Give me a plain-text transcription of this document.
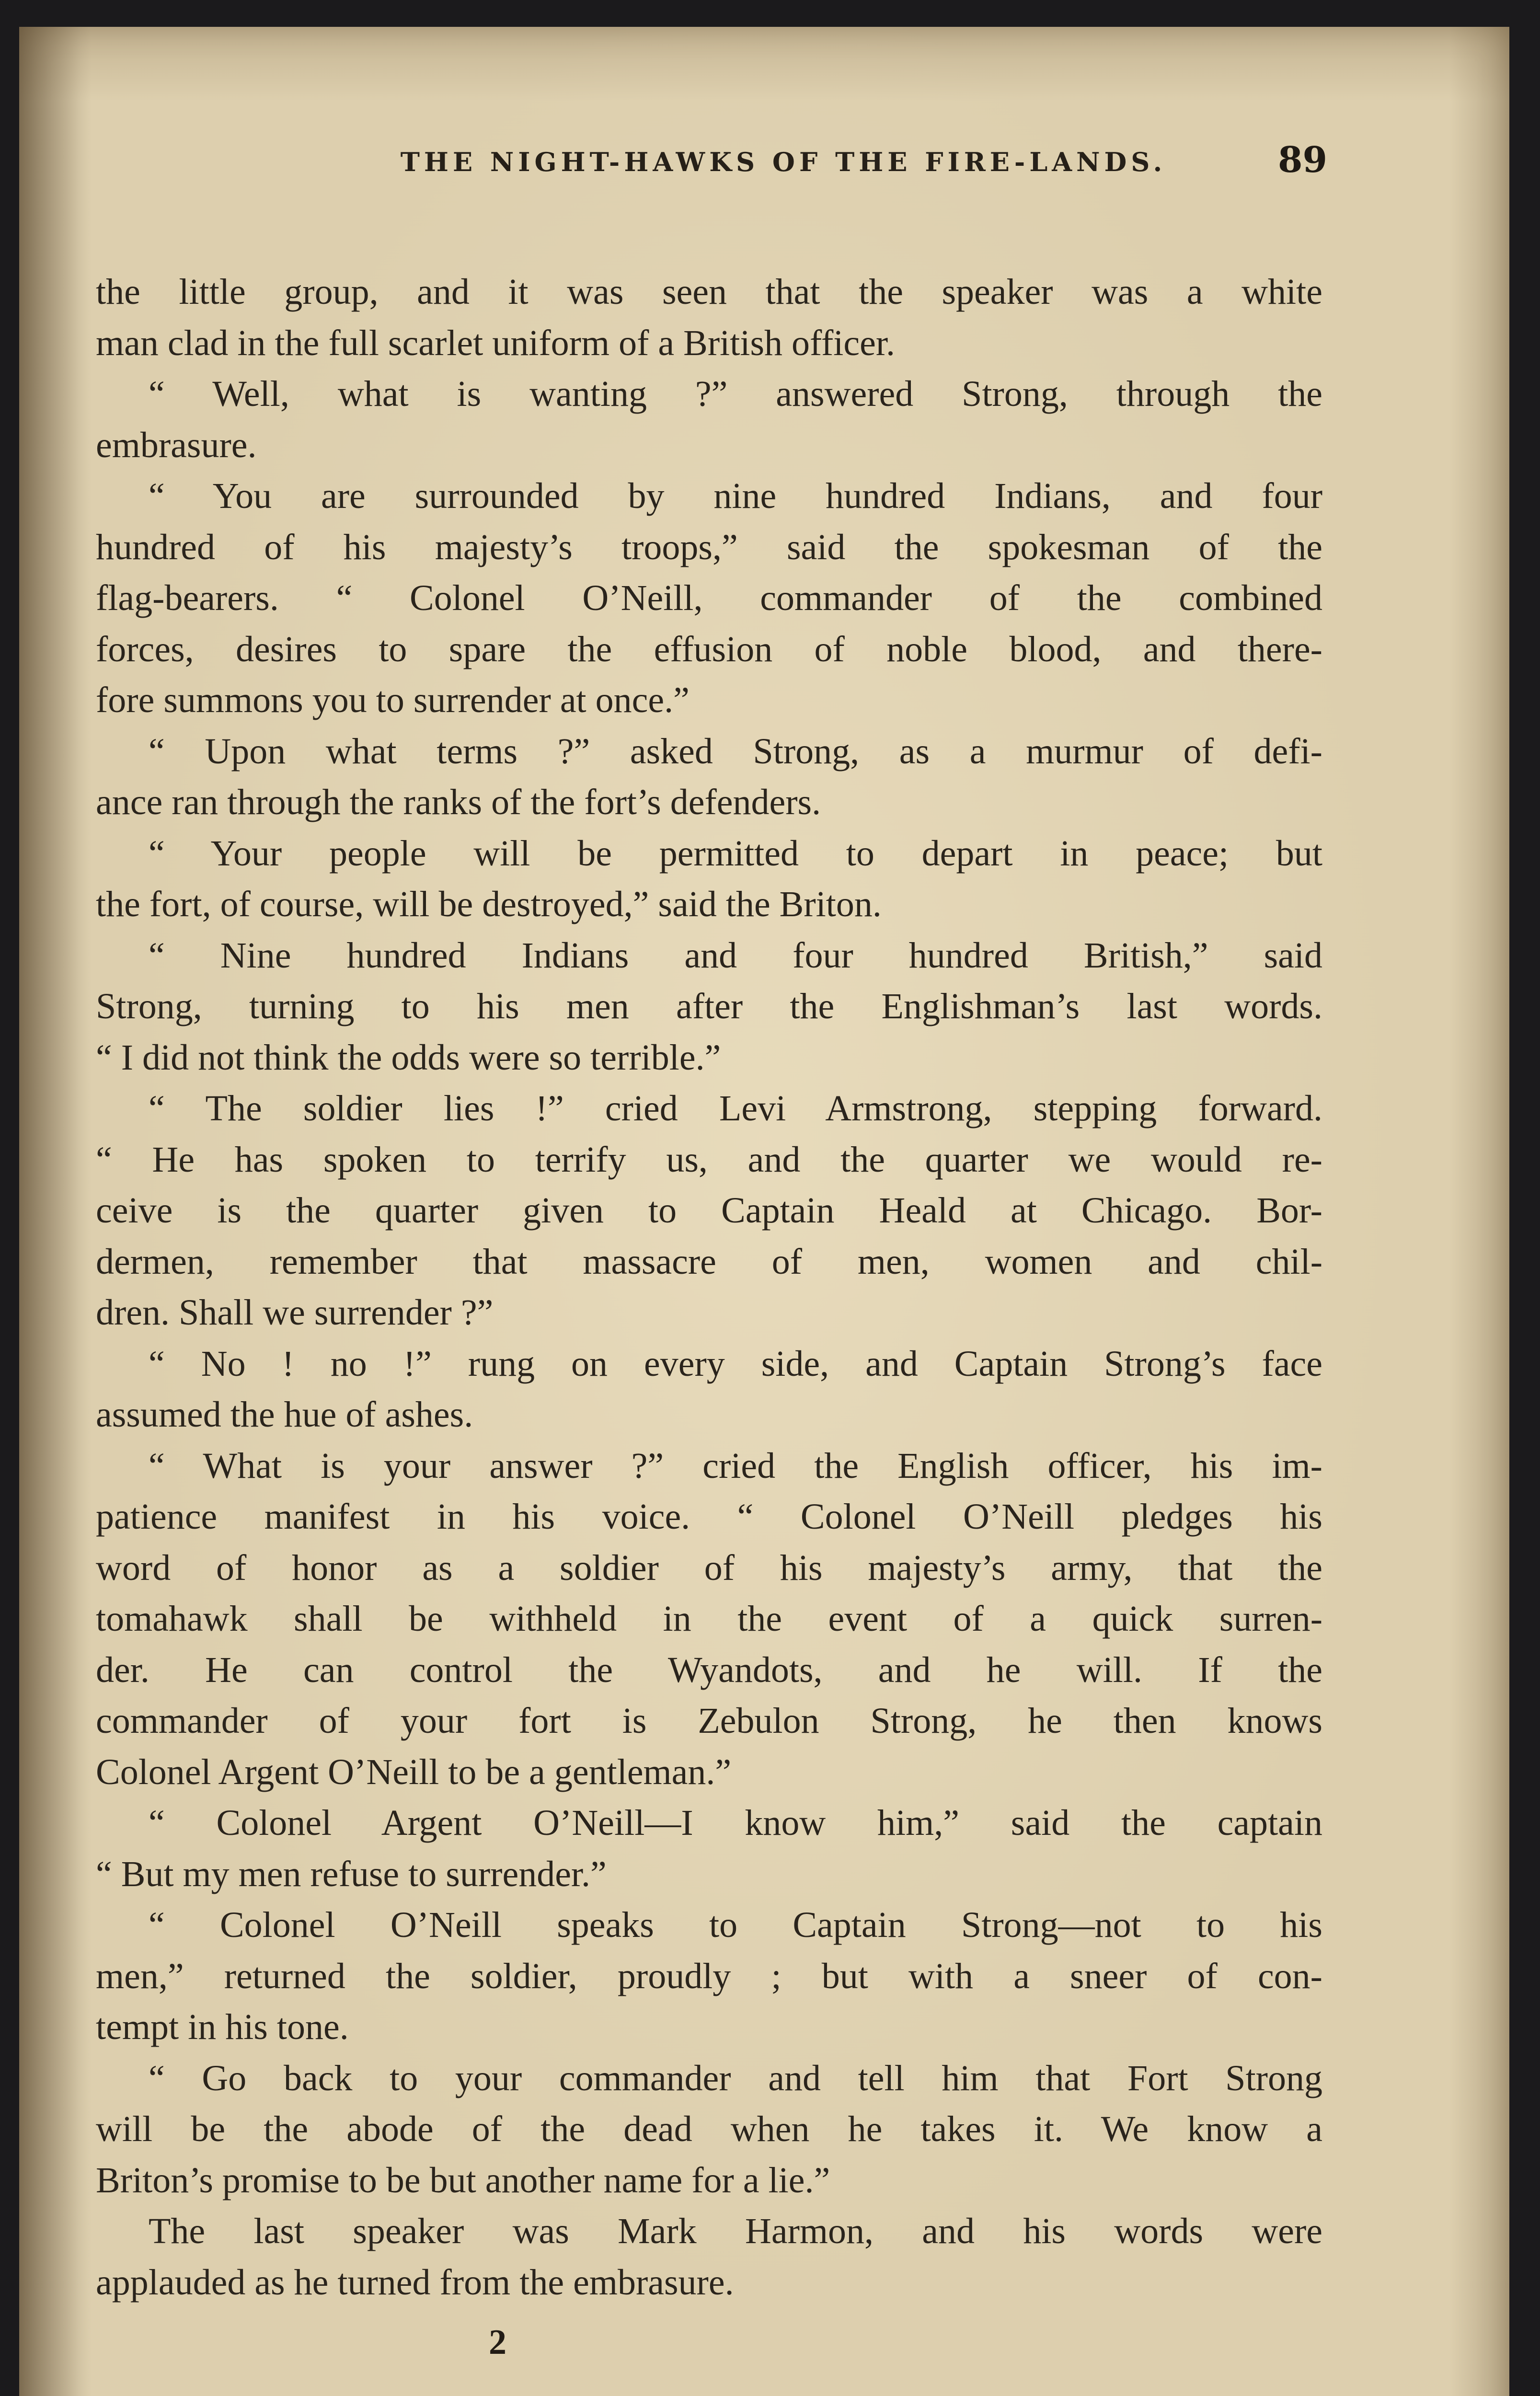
THE NIGHT-HAWKS OF THE FIRE-LANDS.	89
the little group, and it was seen that the speaker was a white
man clad in the full scarlet uniform of a British officer.
“ Well, what is wanting ?” answered Strong, through the
embrasure.
“ You are surrounded by nine hundred Indians, and four
hundred of his majesty’s troops,” said the spokesman of the
flag-bearers. “ Colonel O’Neill, commander of the combined
forces, desires to spare the effusion of noble blood, and there-
fore summons you to surrender at once.”
“ Upon what terms ?” asked Strong, as a murmur of defi-
ance ran through the ranks of the fort’s defenders.
“ Your people will be permitted to depart in peace; but
the fort, of course, will be destroyed,” said the Briton.
“ Nine hundred Indians and four hundred British,” said
Strong, turning to his men after the Englishman’s last words.
“ I did not think the odds were so terrible.”
“ The soldier lies !” cried Levi Armstrong, stepping forward.
“ He has spoken to terrify us, and the quarter we would re-
ceive is the quarter given to Captain Heald at Chicago. Bor-
dermen, remember that massacre of men, women and chil-
dren. Shall we surrender ?”
“ No ! no !” rung on every side, and Captain Strong’s face
assumed the hue of ashes.
“ What is your answer ?” cried the English officer, his im-
patience manifest in his voice. “ Colonel O’Neill pledges his
word of honor as a soldier of his majesty’s army, that the
tomahawk shall be withheld in the event of a quick surren-
der. He can control the Wyandots, and he will. If the
commander of your fort is Zebulon Strong, he then knows
Colonel Argent O’Neill to be a gentleman.”
“ Colonel Argent O’Neill—I know him,” said the captain
“ But my men refuse to surrender.”
“ Colonel O’Neill speaks to Captain Strong—not to his
men,” returned the soldier, proudly ; but with a sneer of con-
tempt in his tone.
“ Go back to your commander and tell him that Fort Strong
will be the abode of the dead when he takes it. We know a
Briton’s promise to be but another name for a lie.”
The last speaker was Mark Harmon, and his words were
applauded as he turned from the embrasure.
2
